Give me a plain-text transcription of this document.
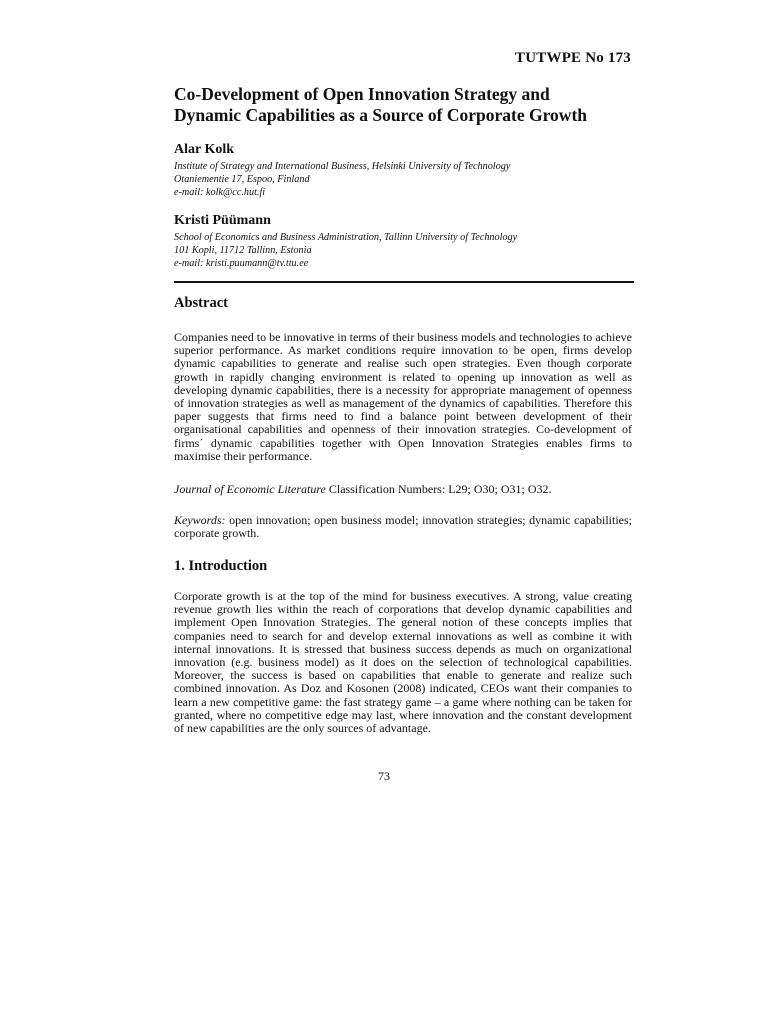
TUTWPE No 173
Co-Development of Open Innovation Strategy and
Dynamic Capabilities as a Source of Corporate Growth

Alar Kolk

Institute of Strategy and International Business, Helsinki University of Technology

Otaniementie 17, Espoo, Finland

e-mail: kolk@cc.hut.fi

Kristi Püümann

School of Economics and Business Administration, Tallinn University of Technology

101 Kopli, 11712 Tallinn, Estonia

e-mail: kristi.puumann@tv.ttu.ee

Abstract

Companies need to be innovative in terms of their business models and technologies to achieve superior performance. As market conditions require innovation to be open, firms develop dynamic capabilities to generate and realise such open strategies. Even though corporate growth in rapidly changing environment is related to opening up innovation as well as developing dynamic capabilities, there is a necessity for appropriate management of openness of innovation strategies as well as management of the dynamics of capabilities. Therefore this paper suggests that firms need to find a balance point between development of their organisational capabilities and openness of their innovation strategies. Co-development of firms´ dynamic capabilities together with Open Innovation Strategies enables firms to maximise their performance.

Journal of Economic Literature Classification Numbers: L29; O30; O31; O32.

Keywords: open innovation; open business model; innovation strategies; dynamic capabilities; corporate growth.

1. Introduction

Corporate growth is at the top of the mind for business executives. A strong, value creating revenue growth lies within the reach of corporations that develop dynamic capabilities and implement Open Innovation Strategies. The general notion of these concepts implies that companies need to search for and develop external innovations as well as combine it with internal innovations. It is stressed that business success depends as much on organizational innovation (e.g. business model) as it does on the selection of technological capabilities. Moreover, the success is based on capabilities that enable to generate and realize such combined innovation. As Doz and Kosonen (2008) indicated, CEOs want their companies to learn a new competitive game: the fast strategy game – a game where nothing can be taken for granted, where no competitive edge may last, where innovation and the constant development of new capabilities are the only sources of advantage.

73
